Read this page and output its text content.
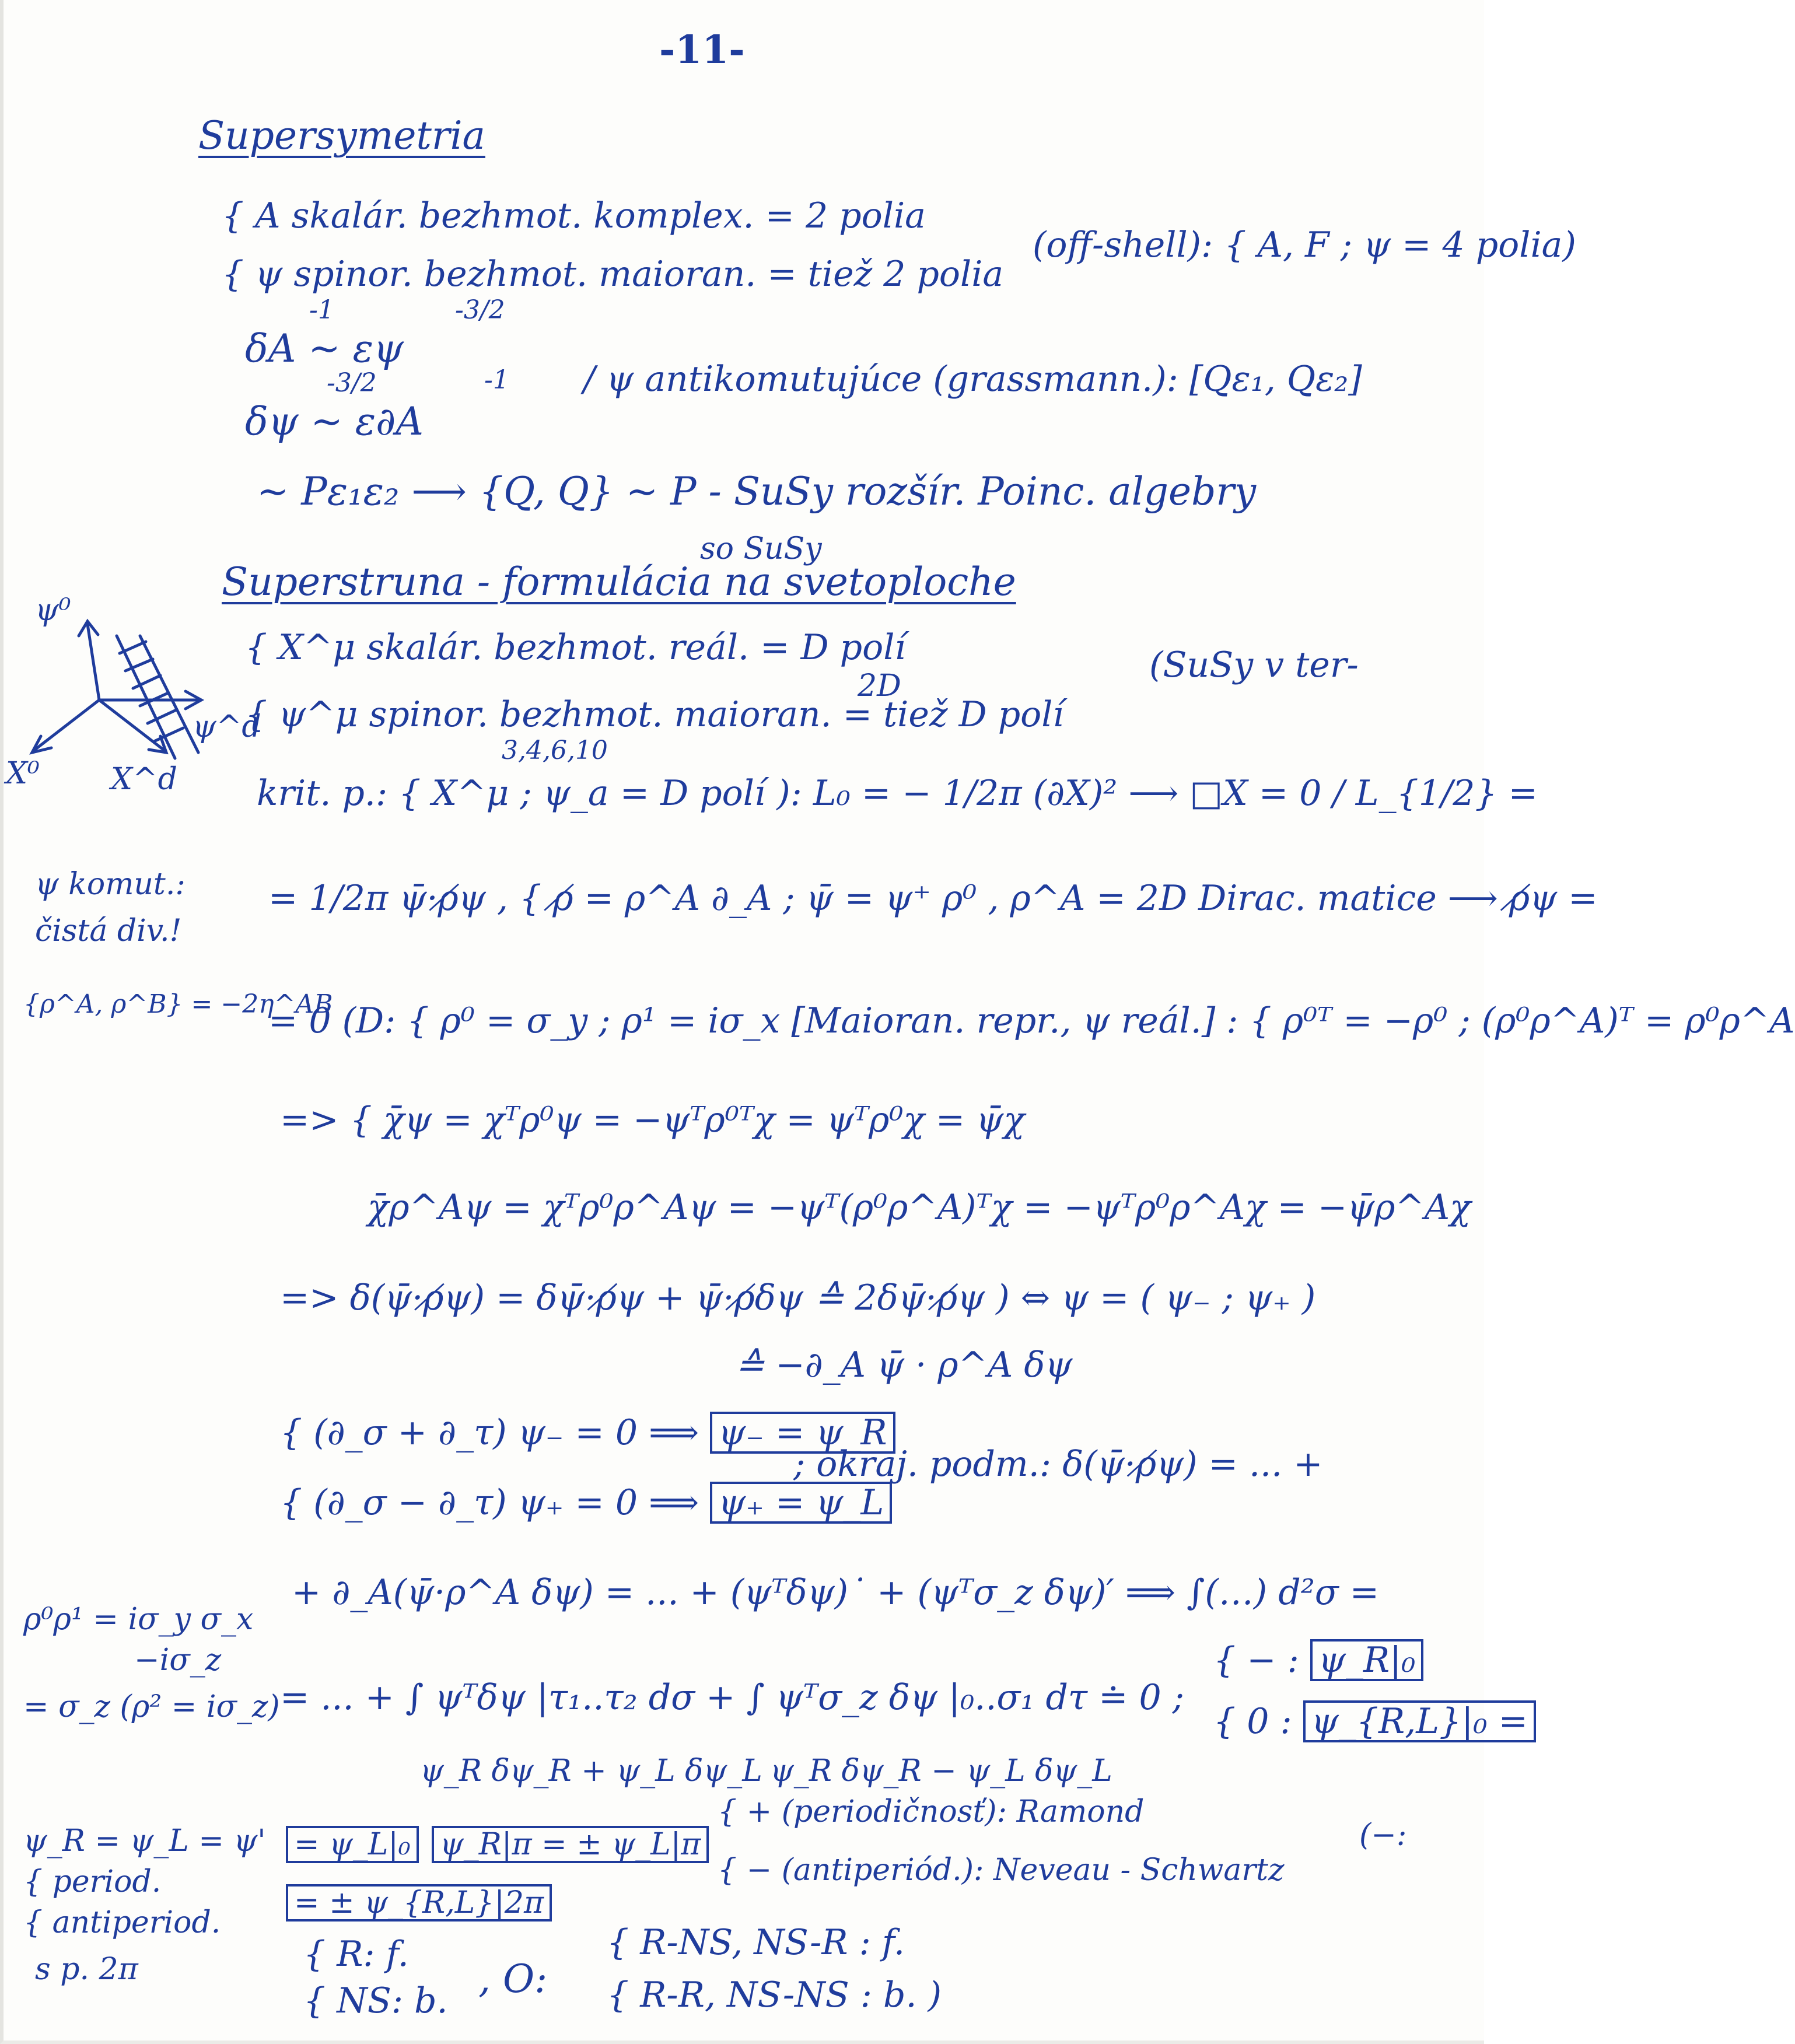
-11-
Supersymetria
{ A skalár. bezhmot. komplex. = 2 polia
{ ψ spinor. bezhmot. maioran. = tiež 2 polia
(off-shell): { A, F ; ψ = 4 polia)
-1	-3/2
δA ~ εψ
-3/2	-1
δψ ~ ε∂A
/ ψ antikomutujúce (grassmann.): [Qε₁, Qε₂]
~ Pε₁ε₂ ⟶ {Q, Q} ~ P - SuSy rozšír. Poinc. algebry
so SuSy
Superstruna - formulácia na svetoploche
{ X^μ skalár. bezhmot. reál. = D polí
2D
{ ψ^μ spinor. bezhmot. maioran. = tiež D polí
(SuSy v ter-
3,4,6,10
krit. p.: { X^μ ; ψ_a = D polí ): L₀ = − 1/2π (∂X)² ⟶ □X = 0 / L_{1/2} =
ψ⁰
ψ^d
X⁰ X^d
ψ komut.:
čistá div.!
{ρ^A, ρ^B} = −2η^AB
= 1/2π ψ̄·ρ̸ψ , { ρ̸ = ρ^A ∂_A ; ψ̄ = ψ⁺ ρ⁰ , ρ^A = 2D Dirac. matice ⟶ ρ̸ψ =
= 0 (D: { ρ⁰ = σ_y ; ρ¹ = iσ_x [Maioran. repr., ψ reál.] : { ρ⁰ᵀ = −ρ⁰ ; (ρ⁰ρ^A)ᵀ = ρ⁰ρ^A
=> { χ̄ψ = χᵀρ⁰ψ = −ψᵀρ⁰ᵀχ = ψᵀρ⁰χ = ψ̄χ
χ̄ρ^Aψ = χᵀρ⁰ρ^Aψ = −ψᵀ(ρ⁰ρ^A)ᵀχ = −ψᵀρ⁰ρ^Aχ = −ψ̄ρ^Aχ
=> δ(ψ̄·ρ̸ψ) = δψ̄·ρ̸ψ + ψ̄·ρ̸δψ ≙ 2δψ̄·ρ̸ψ ) ⇔ ψ = ( ψ₋ ; ψ₊ )
≙ −∂_A ψ̄ · ρ^A δψ
{ (∂_σ + ∂_τ) ψ₋ = 0 ⟹ ψ₋ = ψ_R
{ (∂_σ − ∂_τ) ψ₊ = 0 ⟹ ψ₊ = ψ_L
; okraj. podm.: δ(ψ̄·ρ̸ψ) = ... +
ρ⁰ρ¹ = iσ_y σ_x
−iσ_z
= σ_z (ρ² = iσ_z)
+ ∂_A(ψ̄·ρ^A δψ) = ... + (ψᵀδψ)˙ + (ψᵀσ_z δψ)′ ⟹ ∫(…) d²σ =
= ... + ∫ ψᵀδψ |τ₁..τ₂ dσ + ∫ ψᵀσ_z δψ |₀..σ₁ dτ ≐ 0 ;
ψ_R δψ_R + ψ_L δψ_L ψ_R δψ_R − ψ_L δψ_L
{ − : ψ_R|₀
{ 0 : ψ_{R,L}|₀ =
ψ_R = ψ_L = ψ'
{ period.
{ antiperiod.
s p. 2π
= ψ_L|₀ ψ_R|π = ± ψ_L|π
= ± ψ_{R,L}|2π
{ + (periodičnosť): Ramond
{ − (antiperiód.): Neveau - Schwartz
(−:
{ R: f.
{ NS: b. , O:
{ R-NS, NS-R : f.
{ R-R, NS-NS : b. )
